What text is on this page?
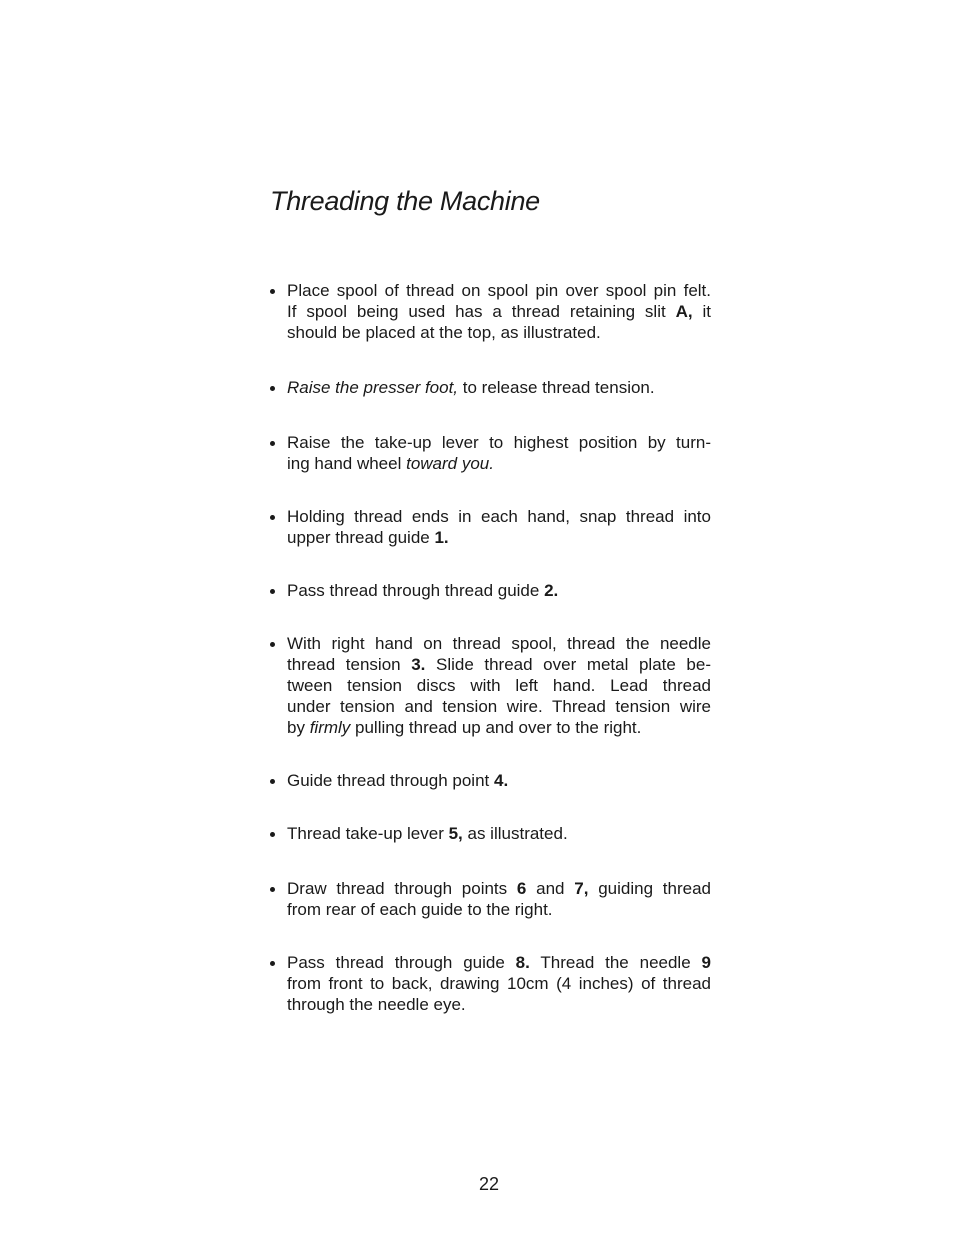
Threading the Machine
Place spool of thread on spool pin over spool pin felt.
If spool being used has a thread retaining slit A, it
should be placed at the top, as illustrated.
Raise the presser foot, to release thread tension.
Raise the take-up lever to highest position by turn-
ing hand wheel toward you.
Holding thread ends in each hand, snap thread into
upper thread guide 1.
Pass thread through thread guide 2.
With right hand on thread spool, thread the needle
thread tension 3. Slide thread over metal plate be-
tween tension discs with left hand. Lead thread
under tension and tension wire. Thread tension wire
by firmly pulling thread up and over to the right.
Guide thread through point 4.
Thread take-up lever 5, as illustrated.
Draw thread through points 6 and 7, guiding thread
from rear of each guide to the right.
Pass thread through guide 8. Thread the needle 9
from front to back, drawing 10cm (4 inches) of thread
through the needle eye.
22
